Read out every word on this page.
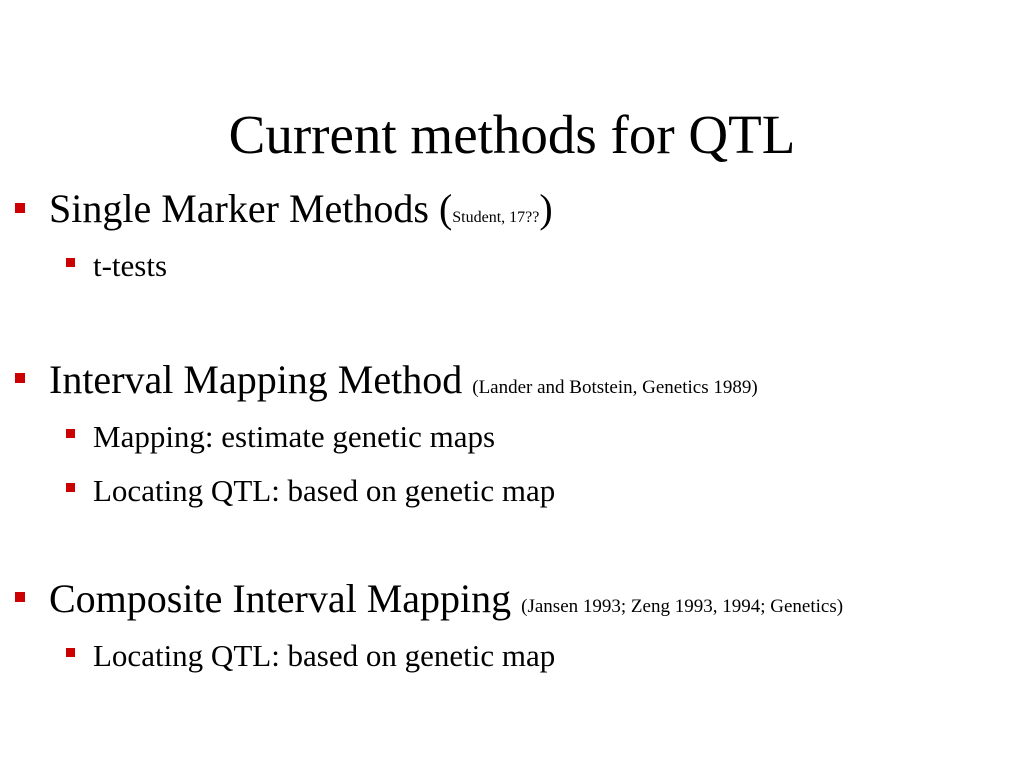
Current methods for QTL
Single Marker Methods (Student, 17??)
t-tests
Interval Mapping Method (Lander and Botstein, Genetics 1989)
Mapping: estimate genetic maps
Locating QTL: based on genetic map
Composite Interval Mapping (Jansen 1993; Zeng 1993, 1994; Genetics)
Locating QTL: based on genetic map
